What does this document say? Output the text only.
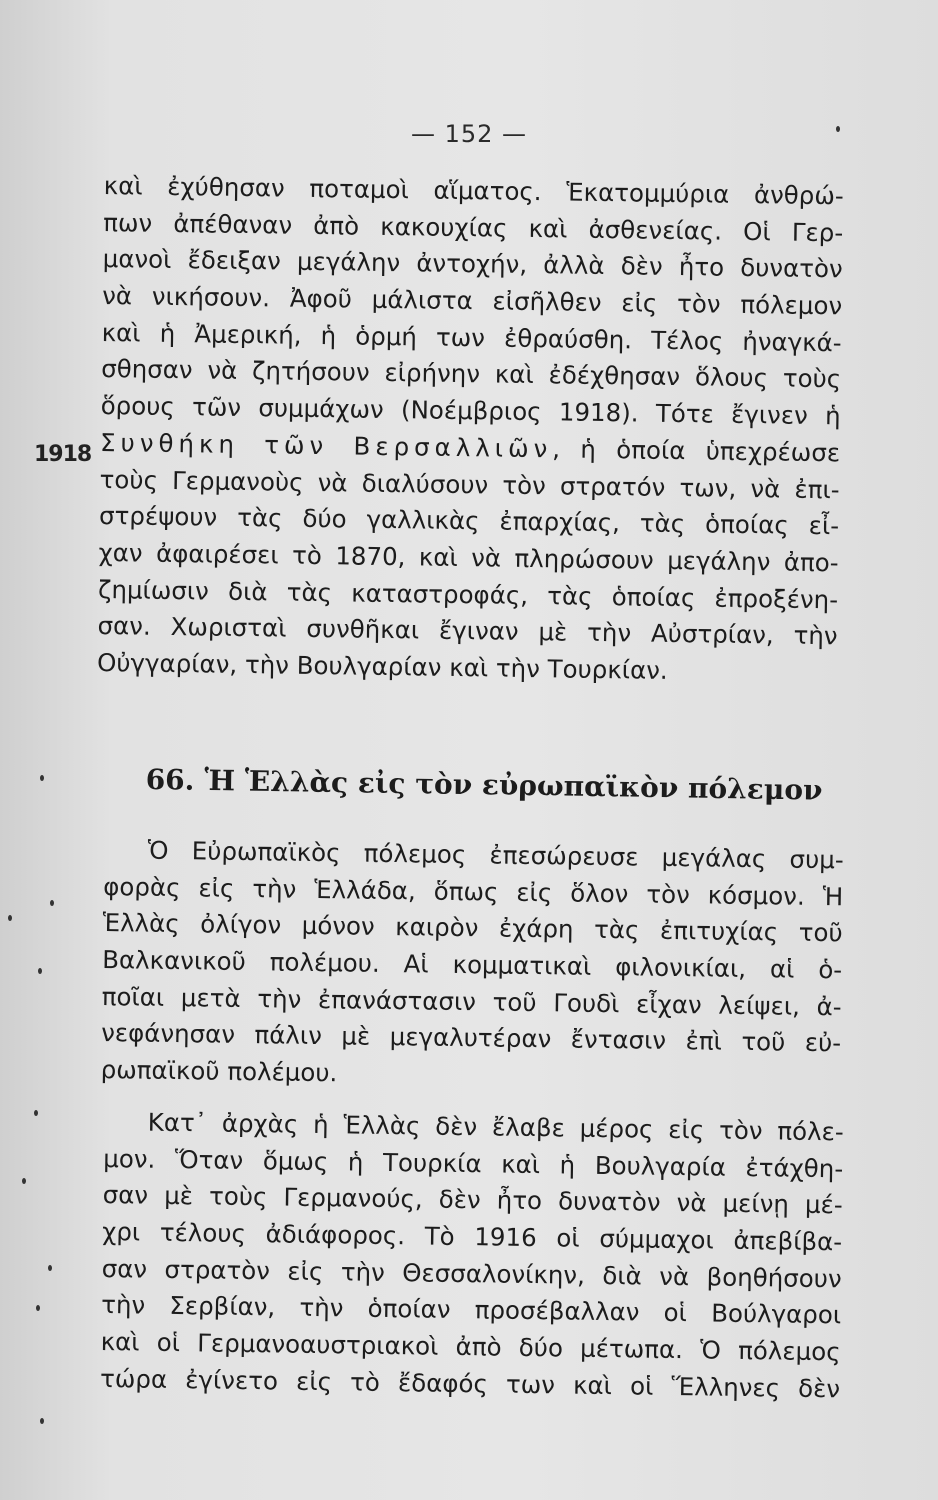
— 152 —
1918
καὶ ἐχύθησαν ποταμοὶ αἵματος. Ἑκατομμύρια ἀνθρώ-
πων ἀπέθαναν ἀπὸ κακουχίας καὶ ἀσθενείας. Οἱ Γερ-
μανοὶ ἔδειξαν μεγάλην ἀντοχήν, ἀλλὰ δὲν ἦτο δυνατὸν
νὰ νικήσουν. Ἀφοῦ μάλιστα εἰσῆλθεν εἰς τὸν πόλεμον
καὶ ἡ Ἀμερική, ἡ ὁρμή των ἐθραύσθη. Τέλος ἠναγκά-
σθησαν νὰ ζητήσουν εἰρήνην καὶ ἐδέχθησαν ὅλους τοὺς
ὅρους τῶν συμμάχων (Νοέμβριος 1918). Τότε ἔγινεν ἡ
Συνθήκη τῶν Βερσαλλιῶν, ἡ ὁποία ὑπεχρέωσε
τοὺς Γερμανοὺς νὰ διαλύσουν τὸν στρατόν των, νὰ ἐπι-
στρέψουν τὰς δύο γαλλικὰς ἐπαρχίας, τὰς ὁποίας εἶ-
χαν ἀφαιρέσει τὸ 1870, καὶ νὰ πληρώσουν μεγάλην ἀπο-
ζημίωσιν διὰ τὰς καταστροφάς, τὰς ὁποίας ἐπροξένη-
σαν. Χωρισταὶ συνθῆκαι ἔγιναν μὲ τὴν Αὐστρίαν, τὴν
Οὐγγαρίαν, τὴν Βουλγαρίαν καὶ τὴν Τουρκίαν.
66. Ἡ Ἑλλὰς εἰς τὸν εὐρωπαϊκὸν πόλεμον
Ὁ Εὐρωπαϊκὸς πόλεμος ἐπεσώρευσε μεγάλας συμ-
φορὰς εἰς τὴν Ἑλλάδα, ὅπως εἰς ὅλον τὸν κόσμον. Ἡ
Ἑλλὰς ὀλίγον μόνον καιρὸν ἐχάρη τὰς ἐπιτυχίας τοῦ
Βαλκανικοῦ πολέμου. Αἱ κομματικαὶ φιλονικίαι, αἱ ὁ-
ποῖαι μετὰ τὴν ἐπανάστασιν τοῦ Γουδὶ εἶχαν λείψει, ἀ-
νεφάνησαν πάλιν μὲ μεγαλυτέραν ἔντασιν ἐπὶ τοῦ εὐ-
ρωπαϊκοῦ πολέμου.
Κατ᾿ ἀρχὰς ἡ Ἑλλὰς δὲν ἔλαβε μέρος εἰς τὸν πόλε-
μον. Ὅταν ὅμως ἡ Τουρκία καὶ ἡ Βουλγαρία ἐτάχθη-
σαν μὲ τοὺς Γερμανούς, δὲν ἦτο δυνατὸν νὰ μείνῃ μέ-
χρι τέλους ἀδιάφορος. Τὸ 1916 οἱ σύμμαχοι ἀπεβίβα-
σαν στρατὸν εἰς τὴν Θεσσαλονίκην, διὰ νὰ βοηθήσουν
τὴν Σερβίαν, τὴν ὁποίαν προσέβαλλαν οἱ Βούλγαροι
καὶ οἱ Γερμανοαυστριακοὶ ἀπὸ δύο μέτωπα. Ὁ πόλεμος
τώρα ἐγίνετο εἰς τὸ ἔδαφός των καὶ οἱ Ἕλληνες δὲν
